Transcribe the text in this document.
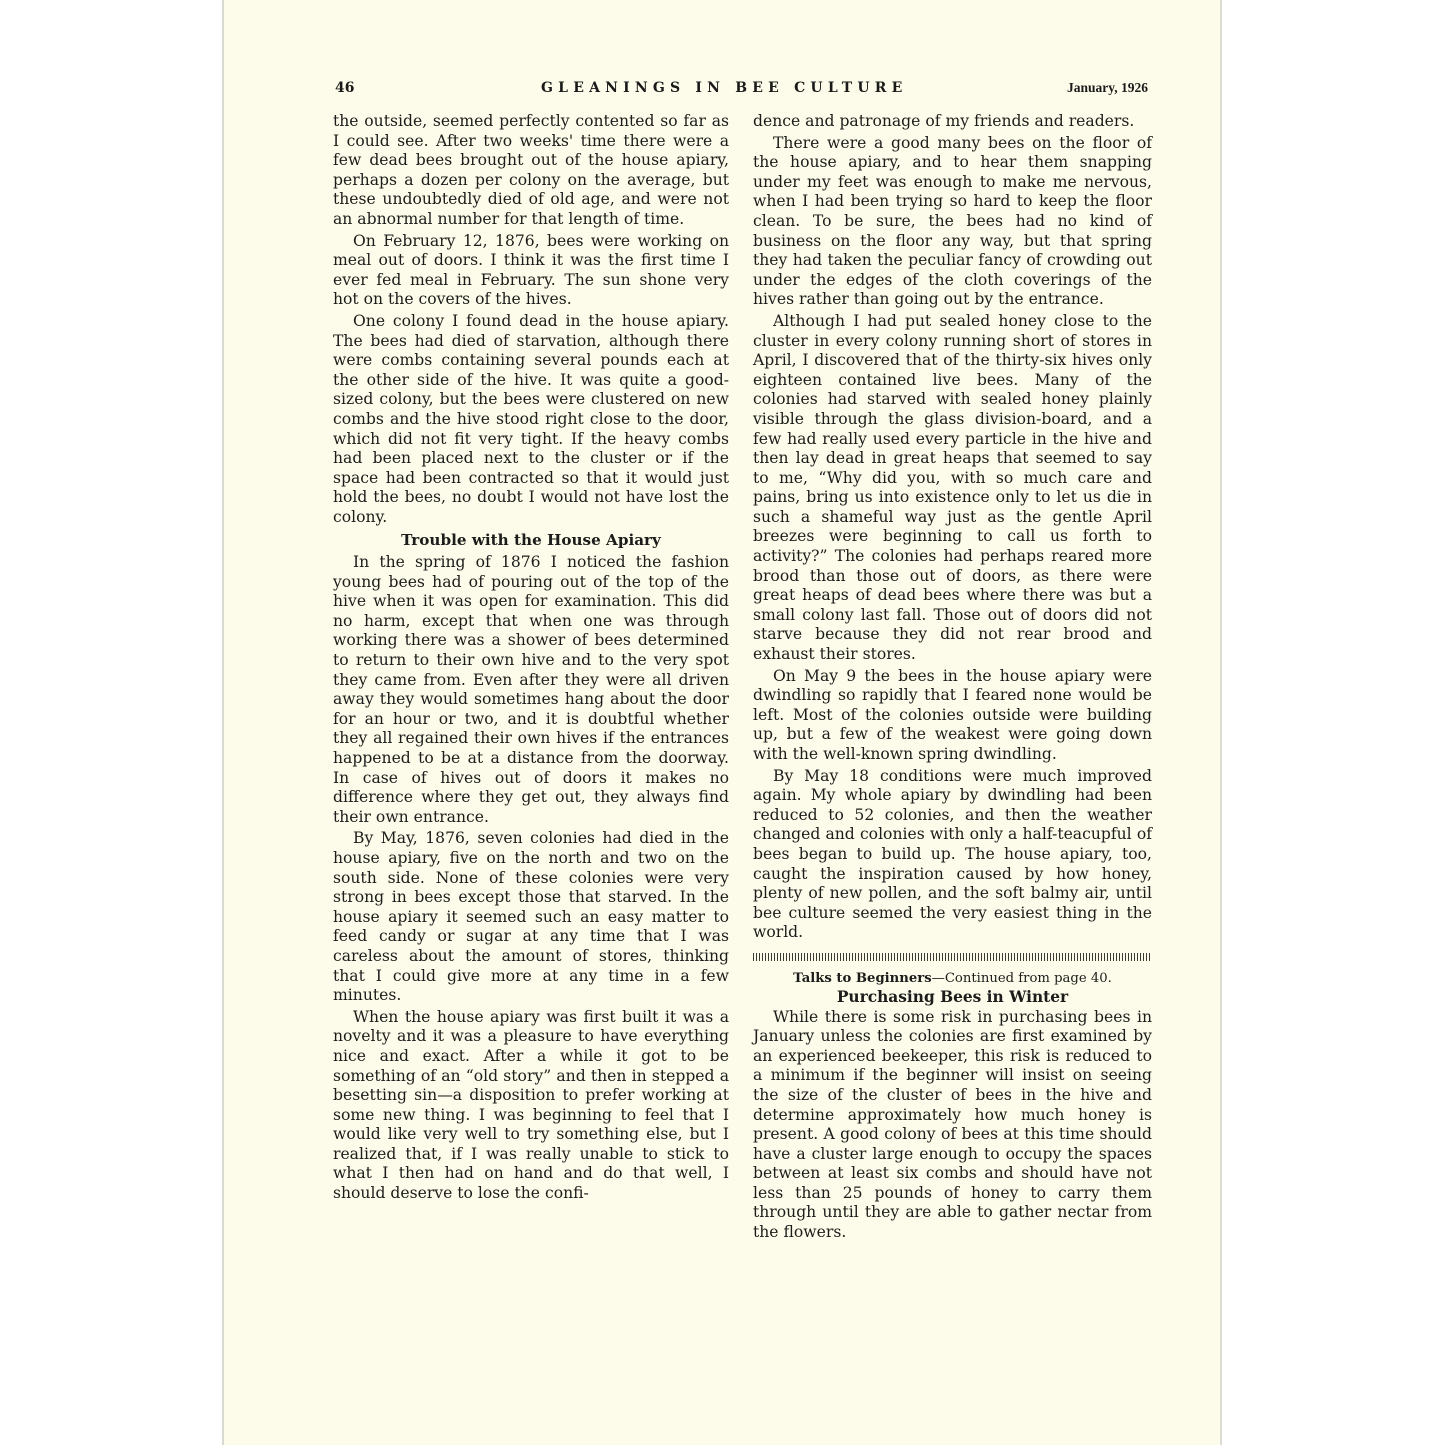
46	GLEANINGS IN BEE CULTURE	January, 1926

the outside, seemed perfectly contented so far as I could see. After two weeks' time there were a few dead bees brought out of the house apiary, perhaps a dozen per colony on the average, but these undoubtedly died of old age, and were not an abnormal number for that length of time.

On February 12, 1876, bees were working on meal out of doors. I think it was the first time I ever fed meal in February. The sun shone very hot on the covers of the hives.

One colony I found dead in the house apiary. The bees had died of starvation, although there were combs containing several pounds each at the other side of the hive. It was quite a good-sized colony, but the bees were clustered on new combs and the hive stood right close to the door, which did not fit very tight. If the heavy combs had been placed next to the cluster or if the space had been contracted so that it would just hold the bees, no doubt I would not have lost the colony.

Trouble with the House Apiary

In the spring of 1876 I noticed the fashion young bees had of pouring out of the top of the hive when it was open for examination. This did no harm, except that when one was through working there was a shower of bees determined to return to their own hive and to the very spot they came from. Even after they were all driven away they would sometimes hang about the door for an hour or two, and it is doubtful whether they all regained their own hives if the entrances happened to be at a distance from the doorway. In case of hives out of doors it makes no difference where they get out, they always find their own entrance.

By May, 1876, seven colonies had died in the house apiary, five on the north and two on the south side. None of these colonies were very strong in bees except those that starved. In the house apiary it seemed such an easy matter to feed candy or sugar at any time that I was careless about the amount of stores, thinking that I could give more at any time in a few minutes.

When the house apiary was first built it was a novelty and it was a pleasure to have everything nice and exact. After a while it got to be something of an “old story” and then in stepped a besetting sin—a disposition to prefer working at some new thing. I was beginning to feel that I would like very well to try something else, but I realized that, if I was really unable to stick to what I then had on hand and do that well, I should deserve to lose the confi-

dence and patronage of my friends and readers.

There were a good many bees on the floor of the house apiary, and to hear them snapping under my feet was enough to make me nervous, when I had been trying so hard to keep the floor clean. To be sure, the bees had no kind of business on the floor any way, but that spring they had taken the peculiar fancy of crowding out under the edges of the cloth coverings of the hives rather than going out by the entrance.

Although I had put sealed honey close to the cluster in every colony running short of stores in April, I discovered that of the thirty-six hives only eighteen contained live bees. Many of the colonies had starved with sealed honey plainly visible through the glass division-board, and a few had really used every particle in the hive and then lay dead in great heaps that seemed to say to me, “Why did you, with so much care and pains, bring us into existence only to let us die in such a shameful way just as the gentle April breezes were beginning to call us forth to activity?” The colonies had perhaps reared more brood than those out of doors, as there were great heaps of dead bees where there was but a small colony last fall. Those out of doors did not starve because they did not rear brood and exhaust their stores.

On May 9 the bees in the house apiary were dwindling so rapidly that I feared none would be left. Most of the colonies outside were building up, but a few of the weakest were going down with the well-known spring dwindling.

By May 18 conditions were much improved again. My whole apiary by dwindling had been reduced to 52 colonies, and then the weather changed and colonies with only a half-teacupful of bees began to build up. The house apiary, too, caught the inspiration caused by how honey, plenty of new pollen, and the soft balmy air, until bee culture seemed the very easiest thing in the world.

Talks to Beginners—Continued from page 40.
Purchasing Bees in Winter

While there is some risk in purchasing bees in January unless the colonies are first examined by an experienced beekeeper, this risk is reduced to a minimum if the beginner will insist on seeing the size of the cluster of bees in the hive and determine approximately how much honey is present. A good colony of bees at this time should have a cluster large enough to occupy the spaces between at least six combs and should have not less than 25 pounds of honey to carry them through until they are able to gather nectar from the flowers.
